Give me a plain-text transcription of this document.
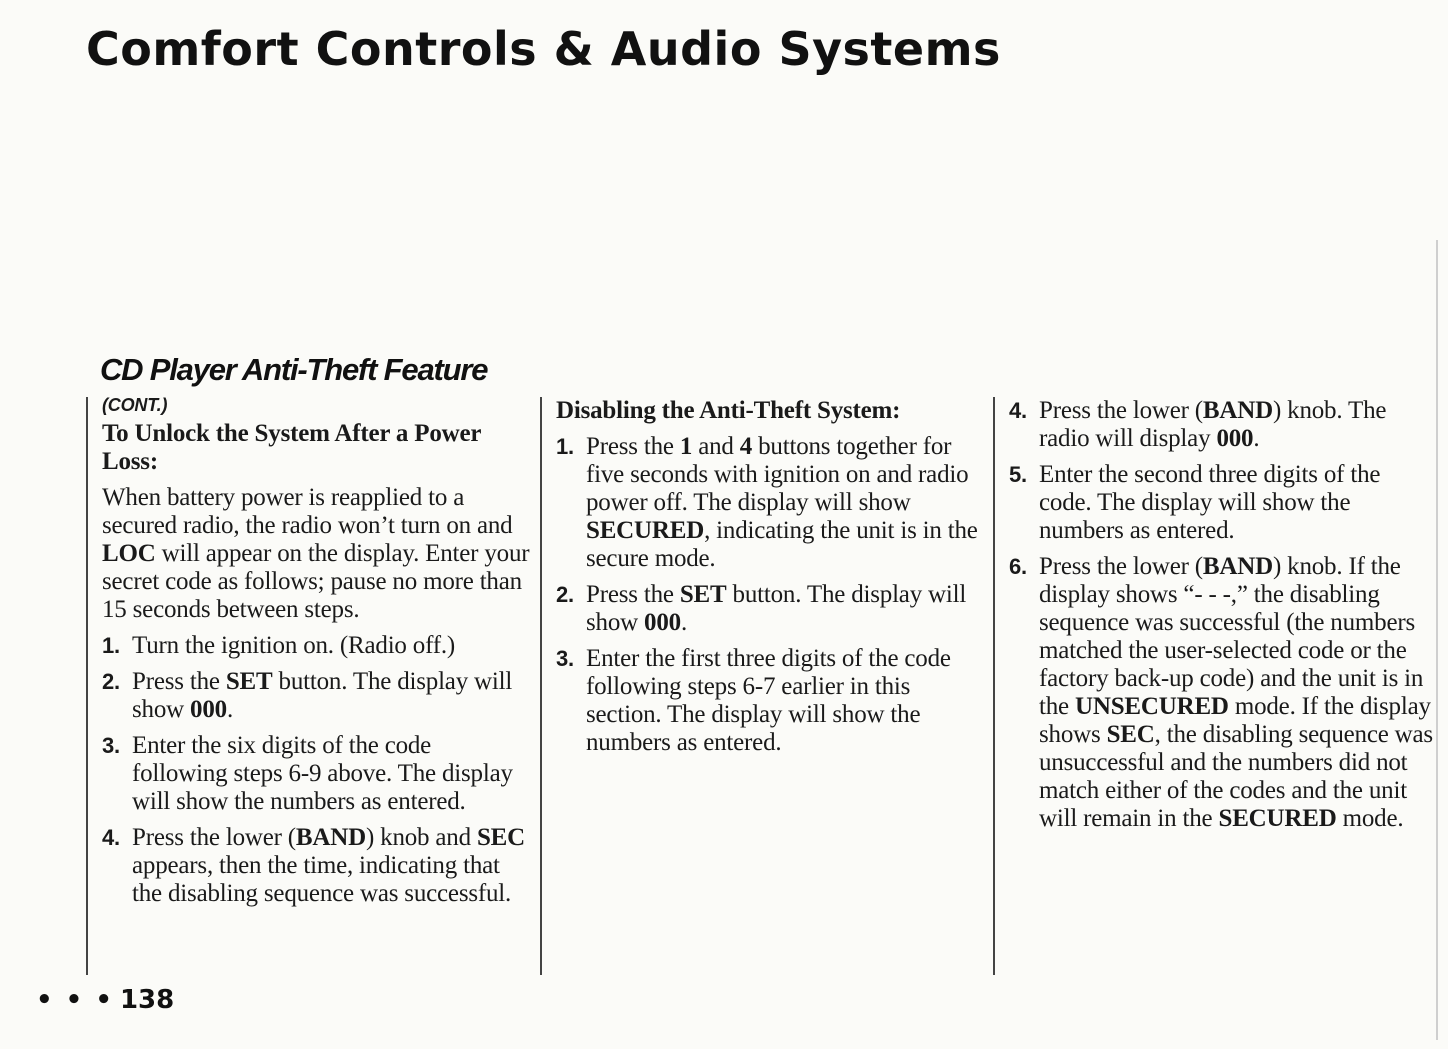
Comfort Controls & Audio Systems
CD Player Anti-Theft Feature
(CONT.)

To Unlock the System After a Power Loss:

When battery power is reapplied to a secured radio, the radio won’t turn on and LOC will appear on the display. Enter your secret code as follows; pause no more than 15 seconds between steps.

1. Turn the ignition on. (Radio off.)
2. Press the SET button. The display will show 000.
3. Enter the six digits of the code following steps 6-9 above. The display will show the numbers as entered.
4. Press the lower (BAND) knob and SEC appears, then the time, indicating that the disabling sequence was successful.

Disabling the Anti-Theft System:

1. Press the 1 and 4 buttons together for five seconds with ignition on and radio power off. The display will show SECURED, indicating the unit is in the secure mode.
2. Press the SET button. The display will show 000.
3. Enter the first three digits of the code following steps 6-7 earlier in this section. The display will show the numbers as entered.
4. Press the lower (BAND) knob. The radio will display 000.
5. Enter the second three digits of the code. The display will show the numbers as entered.
6. Press the lower (BAND) knob. If the display shows “- - -,” the disabling sequence was successful (the numbers matched the user-selected code or the factory back-up code) and the unit is in the UNSECURED mode. If the display shows SEC, the disabling sequence was unsuccessful and the numbers did not match either of the codes and the unit will remain in the SECURED mode.
• • • 138
